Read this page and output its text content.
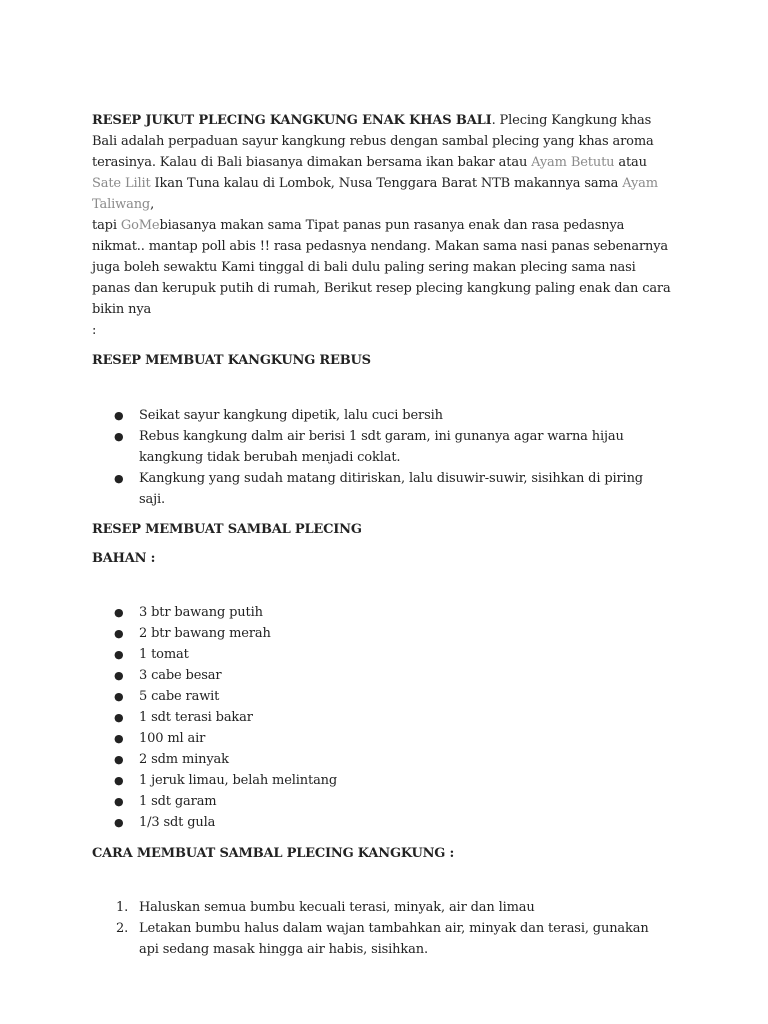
RESEP JUKUT PLECING KANGKUNG ENAK KHAS BALI. Plecing Kangkung khas Bali adalah perpaduan sayur kangkung rebus dengan sambal plecing yang khas aroma terasinya. Kalau di Bali biasanya dimakan bersama ikan bakar atau Ayam Betutu atau Sate Lilit Ikan Tuna kalau di Lombok, Nusa Tenggara Barat NTB makannya sama Ayam Taliwang,
tapi GoMebiasanya makan sama Tipat panas pun rasanya enak dan rasa pedasnya nikmat.. mantap poll abis !! rasa pedasnya nendang. Makan sama nasi panas sebenarnya juga boleh sewaktu Kami tinggal di bali dulu paling sering makan plecing sama nasi panas dan kerupuk putih di rumah, Berikut resep plecing kangkung paling enak dan cara bikin nya
:

RESEP MEMBUAT KANGKUNG REBUS

● Seikat sayur kangkung dipetik, lalu cuci bersih
● Rebus kangkung dalm air berisi 1 sdt garam, ini gunanya agar warna hijau kangkung tidak berubah menjadi coklat.
● Kangkung yang sudah matang ditiriskan, lalu disuwir-suwir, sisihkan di piring saji.

RESEP MEMBUAT SAMBAL PLECING

BAHAN :

● 3 btr bawang putih
● 2 btr bawang merah
● 1 tomat
● 3 cabe besar
● 5 cabe rawit
● 1 sdt terasi bakar
● 100 ml air
● 2 sdm minyak
● 1 jeruk limau, belah melintang
● 1 sdt garam
● 1/3 sdt gula

CARA MEMBUAT SAMBAL PLECING KANGKUNG :

1. Haluskan semua bumbu kecuali terasi, minyak, air dan limau
2. Letakan bumbu halus dalam wajan tambahkan air, minyak dan terasi, gunakan api sedang masak hingga air habis, sisihkan.
